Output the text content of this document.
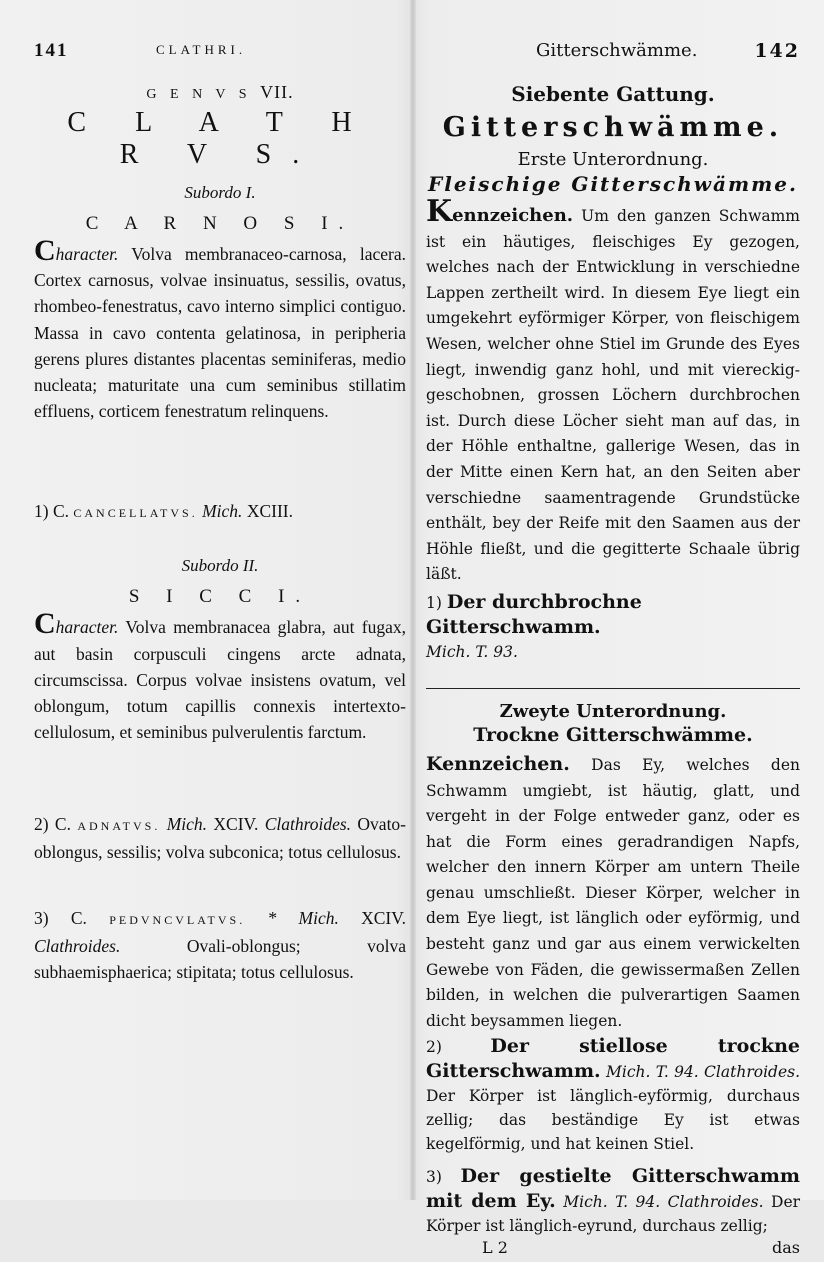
141	CLATHRI.
G E N V S VII.
C L A T H R V S.
Subordo I.
C A R N O S I.

Character. Volva membranaceo-carnosa, lacera. Cortex carnosus, volvae insinuatus, sessilis, ovatus, rhombeo-fenestratus, cavo interno simplici contiguo. Massa in cavo contenta gelatinosa, in peripheria gerens plures distantes placentas seminiferas, medio nucleata; maturitate una cum seminibus stillatim effluens, corticem fenestratum relinquens.

1) C. CANCELLATVS. Mich. XCIII.

Subordo II.
S I C C I.

Character. Volva membranacea glabra, aut fugax, aut basin corpusculi cingens arcte adnata, circumscissa. Corpus volvae insistens ovatum, vel oblongum, totum capillis connexis intertexto-cellulosum, et seminibus pulverulentis farctum.

2) C. ADNATVS. Mich. XCIV. Clathroides. Ovato-oblongus, sessilis; volva subconica; totus cellulosus.

3) C. PEDVNCVLATVS. * Mich. XCIV. Clathroides. Ovali-oblongus; volva subhaemisphaerica; stipitata; totus cellulosus.

Gitterschwämme.	142
Siebente Gattung.
Gitterschwämme.
Erste Unterordnung.
Fleischige Gitterschwämme.

Kennzeichen. Um den ganzen Schwamm ist ein häutiges, fleischiges Ey gezogen, welches nach der Entwicklung in verschiedne Lappen zertheilt wird. In diesem Eye liegt ein umgekehrt eyförmiger Körper, von fleischigem Wesen, welcher ohne Stiel im Grunde des Eyes liegt, inwendig ganz hohl, und mit viereckig-geschobnen, grossen Löchern durchbrochen ist. Durch diese Löcher sieht man auf das, in der Höhle enthaltne, gallerige Wesen, das in der Mitte einen Kern hat, an den Seiten aber verschiedne saamentragende Grundstücke enthält, bey der Reife mit den Saamen aus der Höhle fließt, und die gegitterte Schaale übrig läßt.

1) Der durchbrochne Gitterschwamm.
Mich. T. 93.

Zweyte Unterordnung.
Trockne Gitterschwämme.

Kennzeichen. Das Ey, welches den Schwamm umgiebt, ist häutig, glatt, und vergeht in der Folge entweder ganz, oder es hat die Form eines geradrandigen Napfs, welcher den innern Körper am untern Theile genau umschließt. Dieser Körper, welcher in dem Eye liegt, ist länglich oder eyförmig, und besteht ganz und gar aus einem verwickelten Gewebe von Fäden, die gewissermaßen Zellen bilden, in welchen die pulverartigen Saamen dicht beysammen liegen.

2)	Der stiellose trockne Gitterschwamm. Mich. T. 94. Clathroides. Der Körper ist länglich-eyförmig, durchaus zellig; das beständige Ey ist etwas kegelförmig, und hat keinen Stiel.

3) Der gestielte Gitterschwamm mit dem Ey. Mich. T. 94. Clathroides. Der Körper ist länglich-eyrund, durchaus zellig;

L 2	das
